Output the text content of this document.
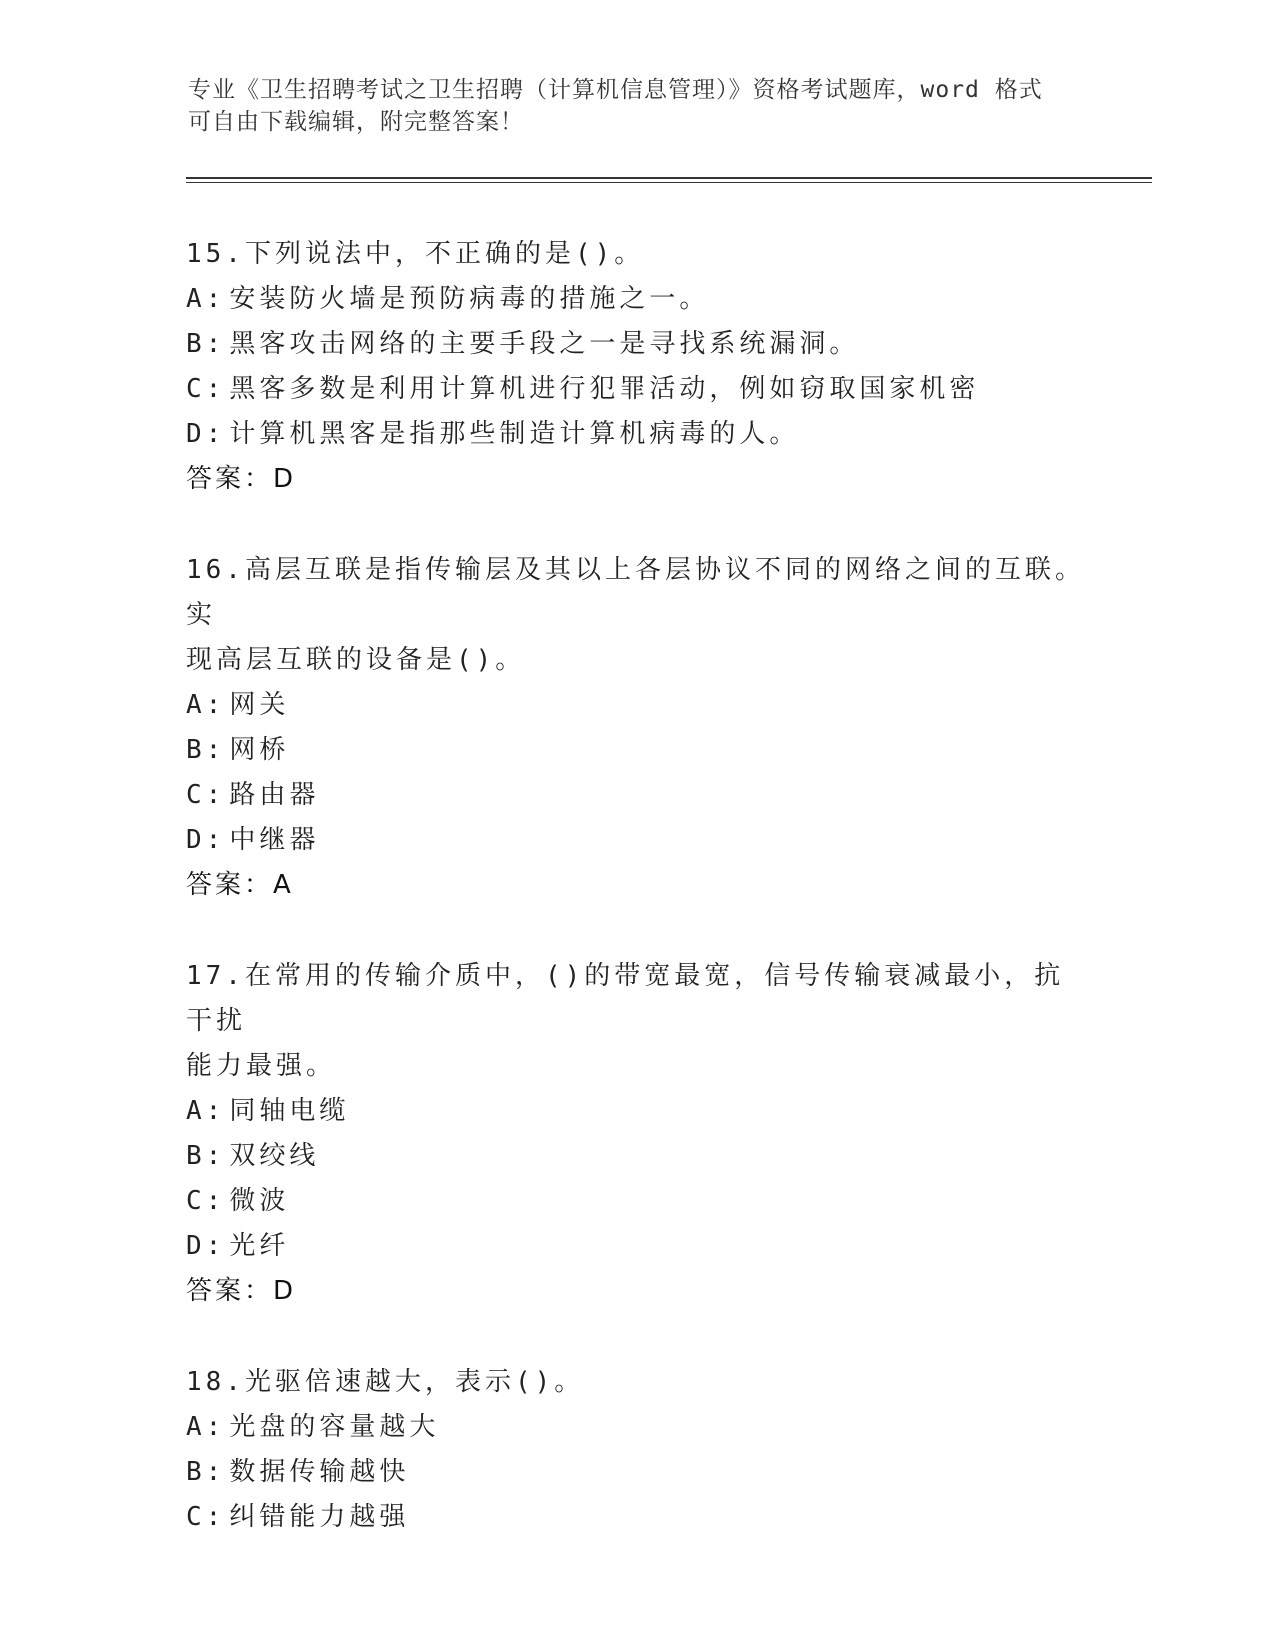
专业《卫生招聘考试之卫生招聘（计算机信息管理）》资格考试题库，word 格式
可自由下载编辑，附完整答案！

15.下列说法中，不正确的是()。

A: 安装防火墙是预防病毒的措施之一。

B: 黑客攻击网络的主要手段之一是寻找系统漏洞。

C: 黑客多数是利用计算机进行犯罪活动，例如窃取国家机密

D: 计算机黑客是指那些制造计算机病毒的人。

答案：D

16.高层互联是指传输层及其以上各层协议不同的网络之间的互联。实

现高层互联的设备是()。

A: 网关

B: 网桥

C: 路由器

D: 中继器

答案：A

17.在常用的传输介质中，()的带宽最宽，信号传输衰减最小，抗干扰

能力最强。

A: 同轴电缆

B: 双绞线

C: 微波

D: 光纤

答案：D

18.光驱倍速越大，表示()。

A: 光盘的容量越大

B: 数据传输越快

C: 纠错能力越强
